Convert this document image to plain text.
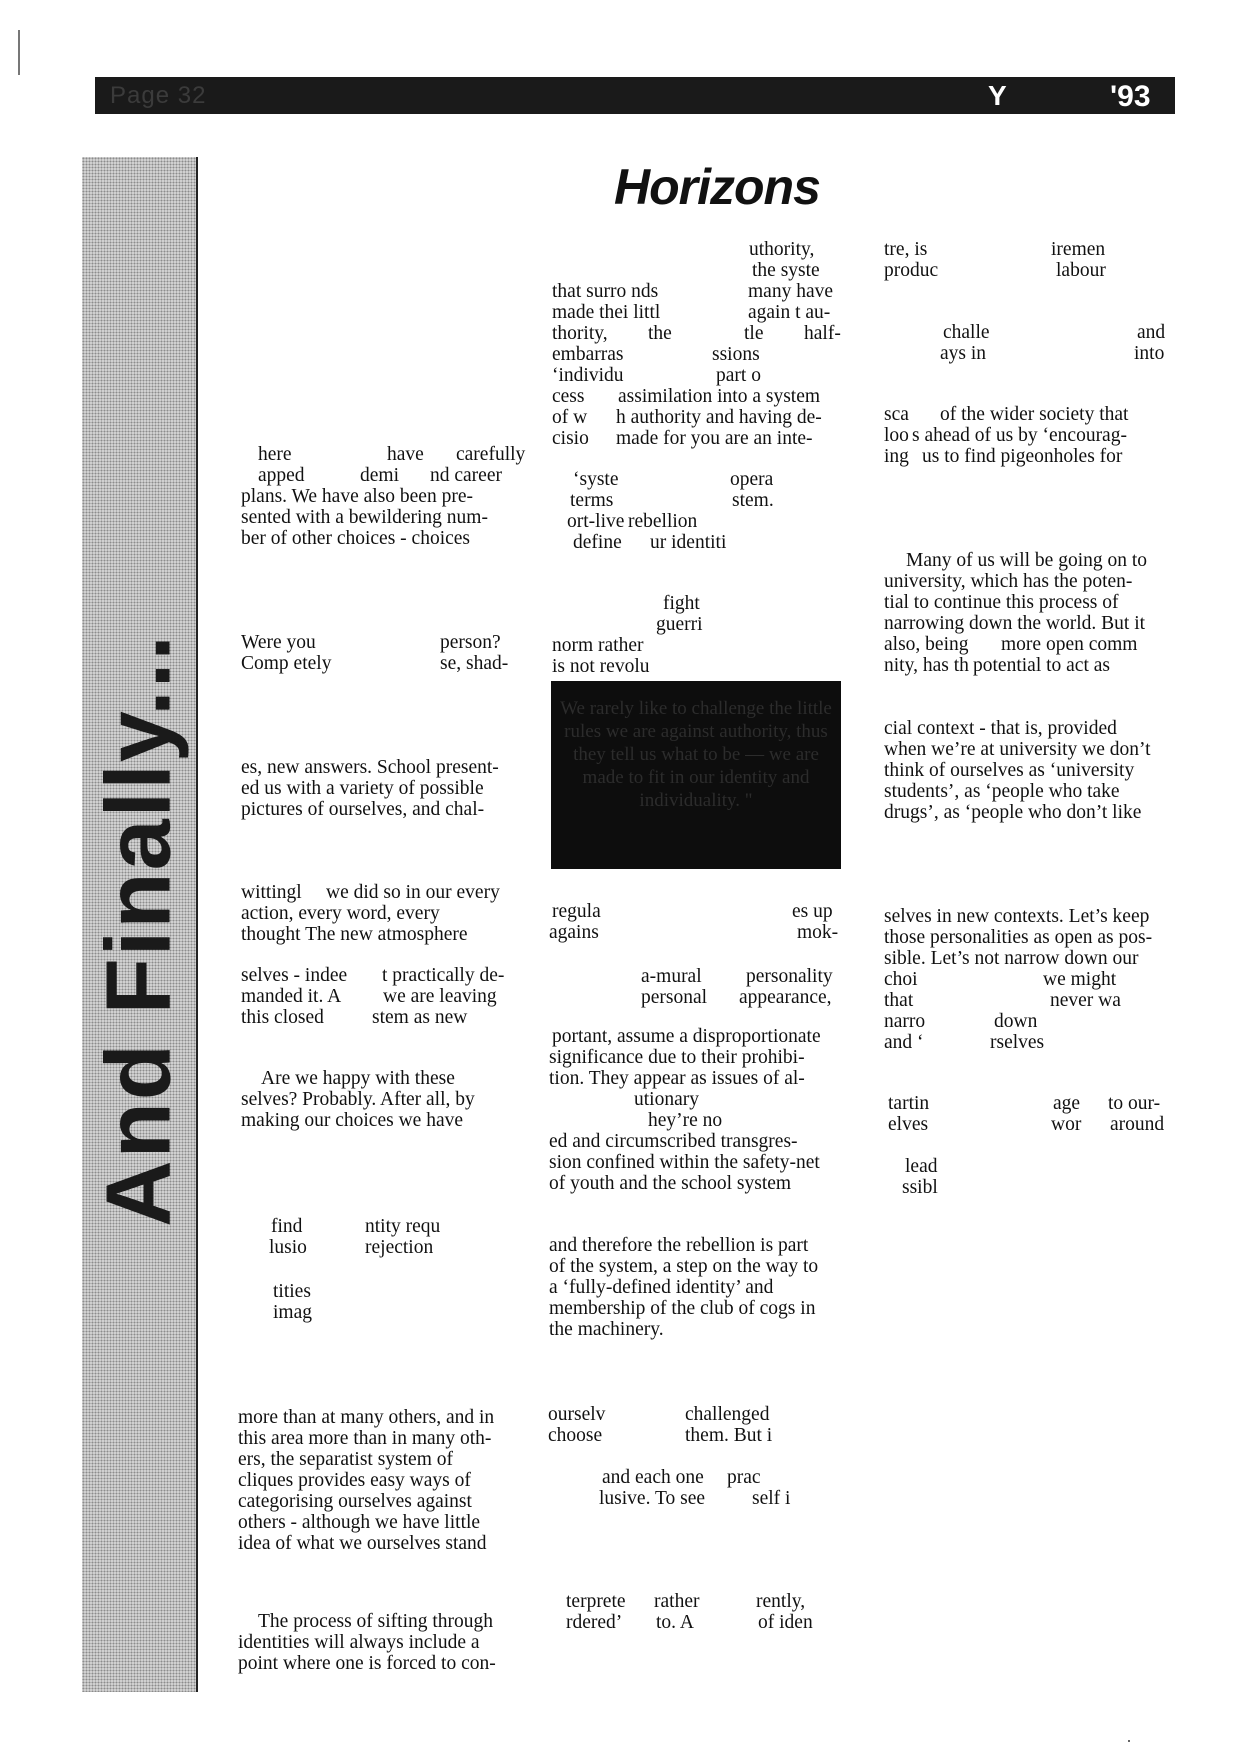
Page 32	Y	'93
And Finally...
Horizons
here	have carefully
apped	demi nd career
plans. We have also been pre-
sented with a bewildering num-
ber of other choices - choices
Were you	person?
Comp etely	se, shad-
es, new answers. School present-
ed us with a variety of possible
pictures of ourselves, and chal-
wittingl we did so in our every
action, every word, every
thought The new atmosphere
selves - indee t practically de-
manded it. A we are leaving
this closed stem as new
Are we happy with these
selves? Probably. After all, by
making our choices we have
find	ntity requ
lusio	rejection
tities
imag
more than at many others, and in
this area more than in many oth-
ers, the separatist system of
cliques provides easy ways of
categorising ourselves against
others - although we have little
idea of what we ourselves stand
The process of sifting through
identities will always include a
point where one is forced to con-
uthority,
the syste
that surro nds	many have
made thei littl	again t au-
thority, the	tle half-
embarras	ssions
‘individu	part o
cess assimilation into a system
of w h authority and having de-
cisio made for you are an inte-
‘syste	opera
terms	stem.
ort-live rebellion
define ur identiti
fight
guerri
norm rather
is not revolu
regula	es up
agains	mok-
a-mural personality
personal appearance,
portant, assume a disproportionate
significance due to their prohibi-
tion. They appear as issues of al-
utionary
hey’re no
ed and circumscribed transgres-
sion confined within the safety-net
of youth and the school system
and therefore the rebellion is part
of the system, a step on the way to
a ‘fully-defined identity’ and
membership of the club of cogs in
the machinery.
ourselv	challenged
choose	them. But i
and each one prac
lusive. To see self i
terprete rather	rently,
rdered’ to. A	of iden
tre, is	iremen
produc	labour
challe	and
ays in	into
sca of the wider society that
loo s ahead of us by ‘encourag-
ing us to find pigeonholes for
Many of us will be going on to
university, which has the poten-
tial to continue this process of
narrowing down the world. But it
also, being more open comm
nity, has th potential to act as
cial context - that is, provided
when we’re at university we don’t
think of ourselves as ‘university
students’, as ‘people who take
drugs’, as ‘people who don’t like
selves in new contexts. Let’s keep
those personalities as open as pos-
sible. Let’s not narrow down our
choi	we might
that	never wa
narro	down
and ‘	rselves
tartin	age to our-
elves	wor around
lead
ssibl
We rarely like to challenge the little rules we are against authority, thus they tell us what to be — we are made to fit in our identity and individuality. "
